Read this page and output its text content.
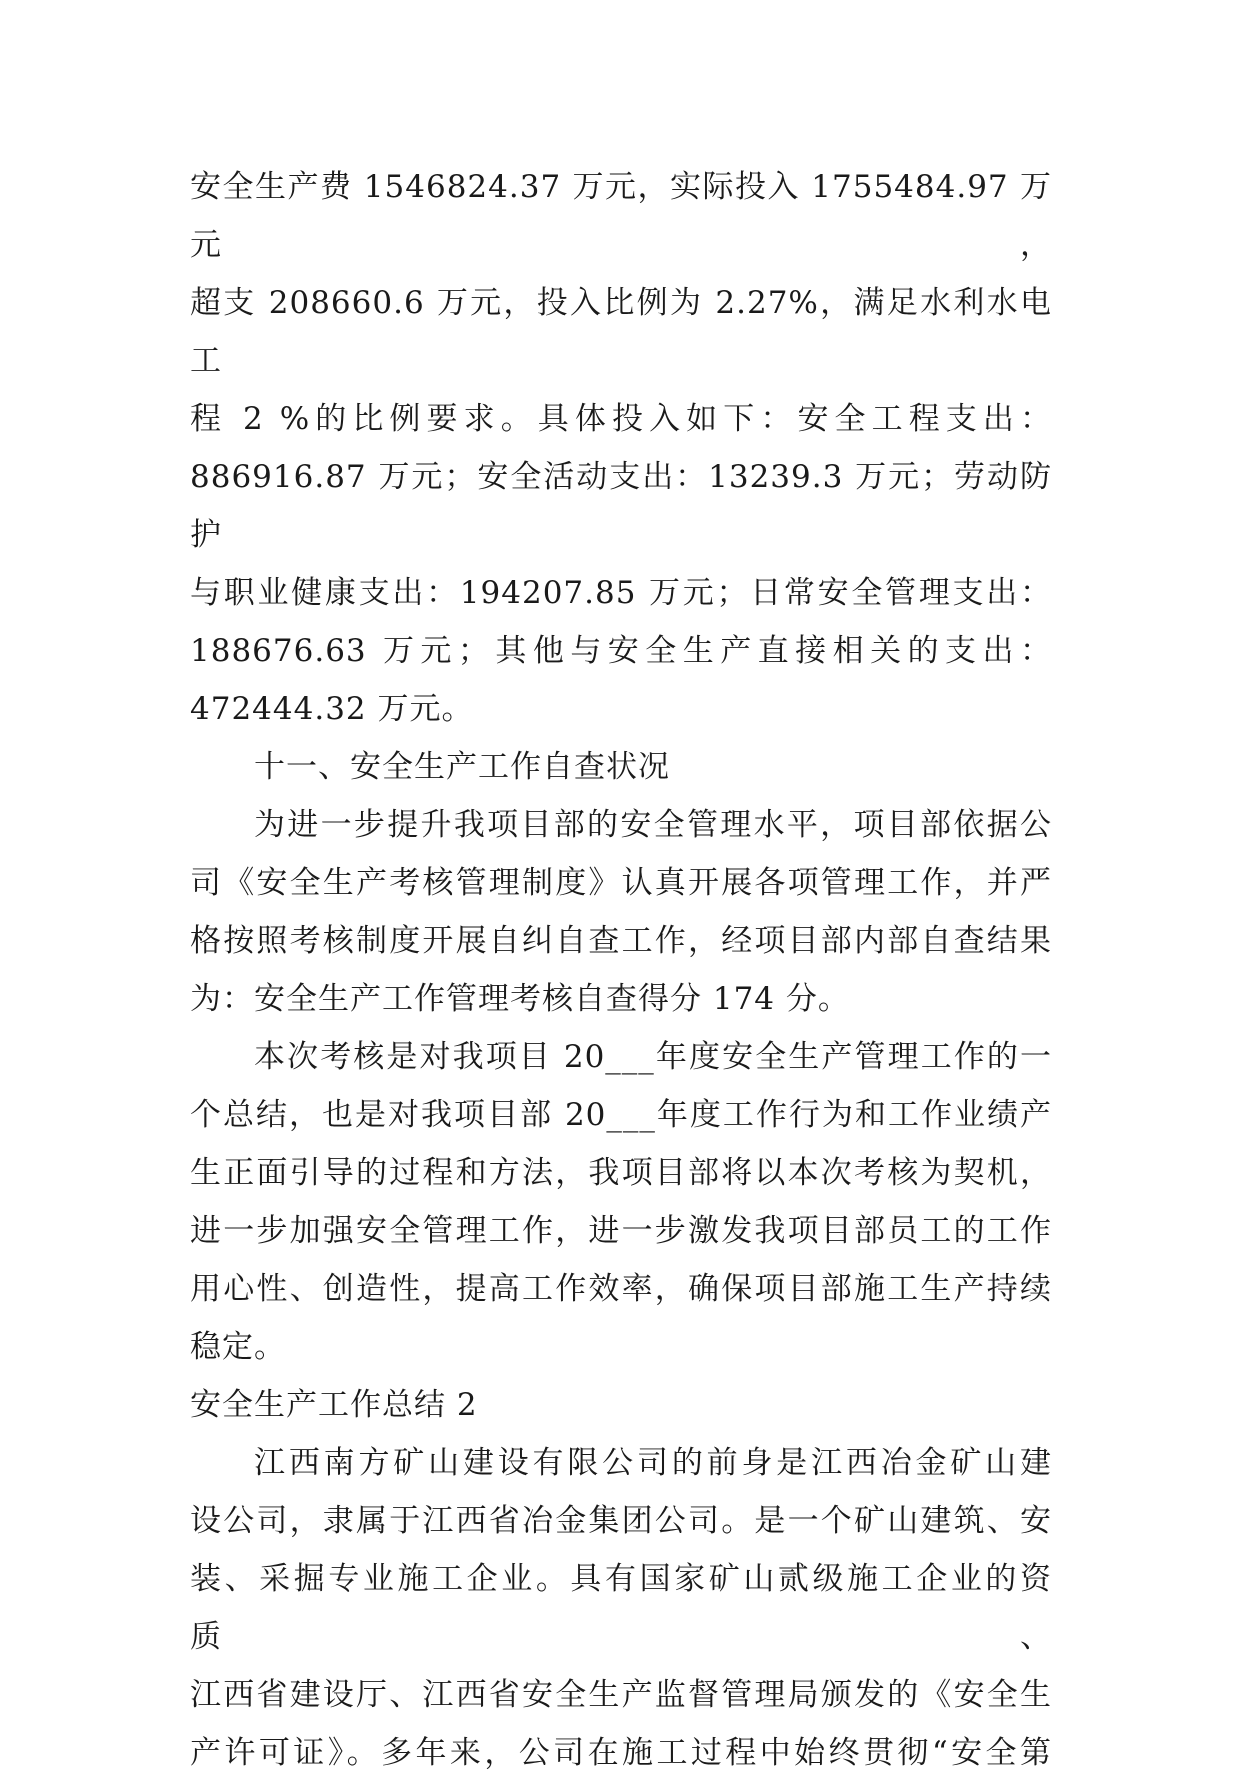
安全生产费 1546824.37 万元，实际投入 1755484.97 万元，
超支 208660.6 万元，投入比例为 2.27%，满足水利水电工
程 2 %的比例要求。具体投入如下：安全工程支出：
886916.87 万元；安全活动支出：13239.3 万元；劳动防护
与职业健康支出：194207.85 万元；日常安全管理支出：
188676.63 万元；其他与安全生产直接相关的支出：
472444.32 万元。
十一、安全生产工作自查状况
为进一步提升我项目部的安全管理水平，项目部依据公
司《安全生产考核管理制度》认真开展各项管理工作，并严
格按照考核制度开展自纠自查工作，经项目部内部自查结果
为：安全生产工作管理考核自查得分 174 分。
本次考核是对我项目 20___年度安全生产管理工作的一
个总结，也是对我项目部 20___年度工作行为和工作业绩产
生正面引导的过程和方法，我项目部将以本次考核为契机，
进一步加强安全管理工作，进一步激发我项目部员工的工作
用心性、创造性，提高工作效率，确保项目部施工生产持续
稳定。
安全生产工作总结 2
江西南方矿山建设有限公司的前身是江西冶金矿山建
设公司，隶属于江西省冶金集团公司。是一个矿山建筑、安
装、采掘专业施工企业。具有国家矿山贰级施工企业的资质、
江西省建设厅、江西省安全生产监督管理局颁发的《安全生
产许可证》。多年来，公司在施工过程中始终贯彻“安全第
